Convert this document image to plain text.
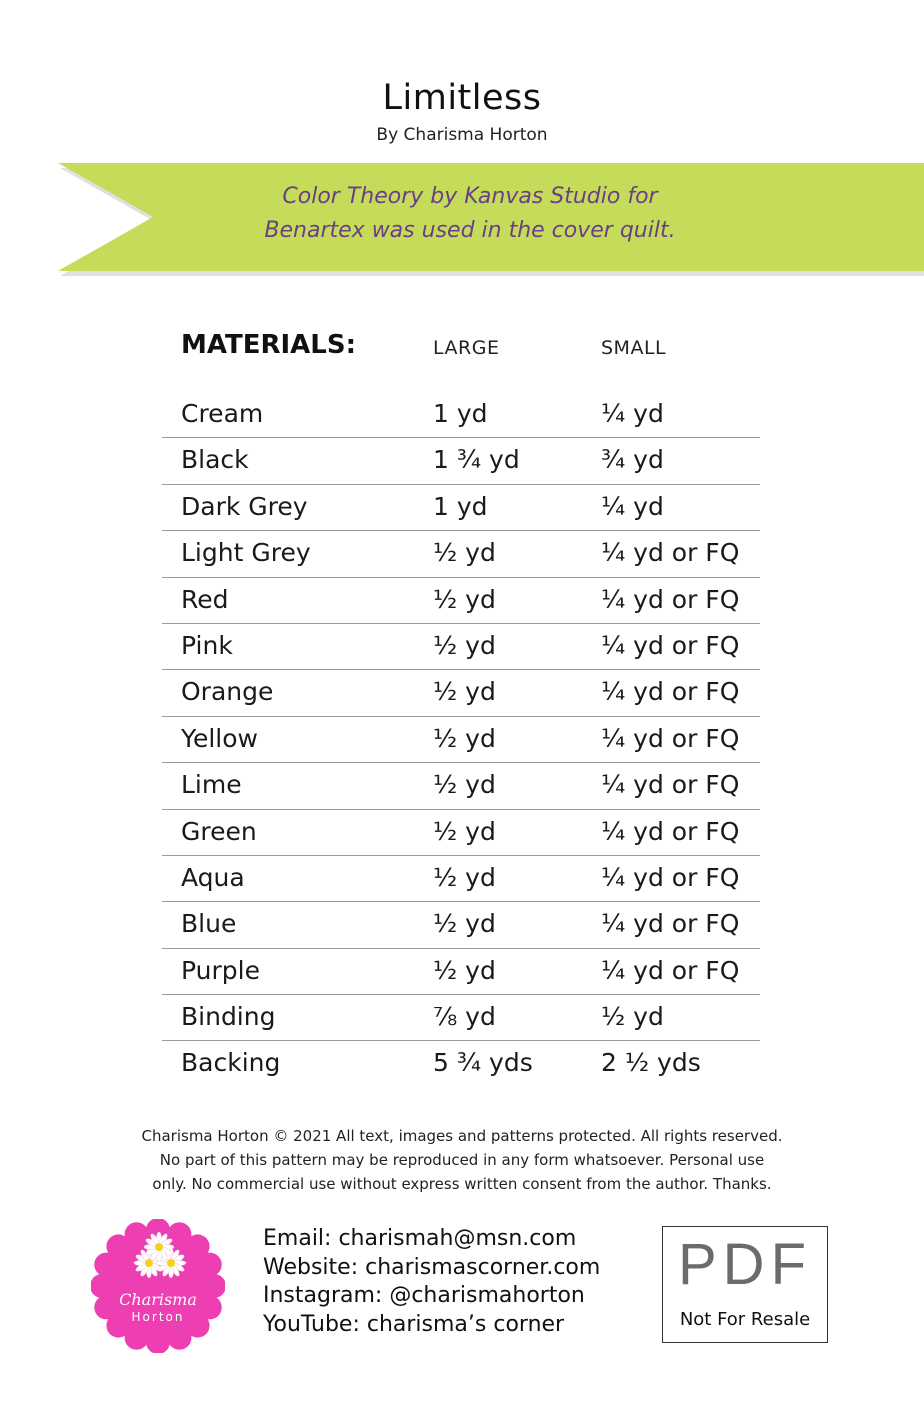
Limitless
By Charisma Horton
Color Theory by Kanvas Studio for
Benartex was used in the cover quilt.
MATERIALS:	LARGE	SMALL
Cream	1 yd	¼ yd
Black	1 ¾ yd	¾ yd
Dark Grey	1 yd	¼ yd
Light Grey	½ yd	¼ yd or FQ
Red	½ yd	¼ yd or FQ
Pink	½ yd	¼ yd or FQ
Orange	½ yd	¼ yd or FQ
Yellow	½ yd	¼ yd or FQ
Lime	½ yd	¼ yd or FQ
Green	½ yd	¼ yd or FQ
Aqua	½ yd	¼ yd or FQ
Blue	½ yd	¼ yd or FQ
Purple	½ yd	¼ yd or FQ
Binding	⅞ yd	½ yd
Backing	5 ¾ yds	2 ½ yds
Charisma Horton © 2021 All text, images and patterns protected. All rights reserved.
No part of this pattern may be reproduced in any form whatsoever. Personal use
only. No commercial use without express written consent from the author. Thanks.
Charisma
Horton
Email: charismah@msn.com
Website: charismascorner.com
Instagram: @charismahorton
YouTube: charisma’s corner
PDF
Not For Resale
